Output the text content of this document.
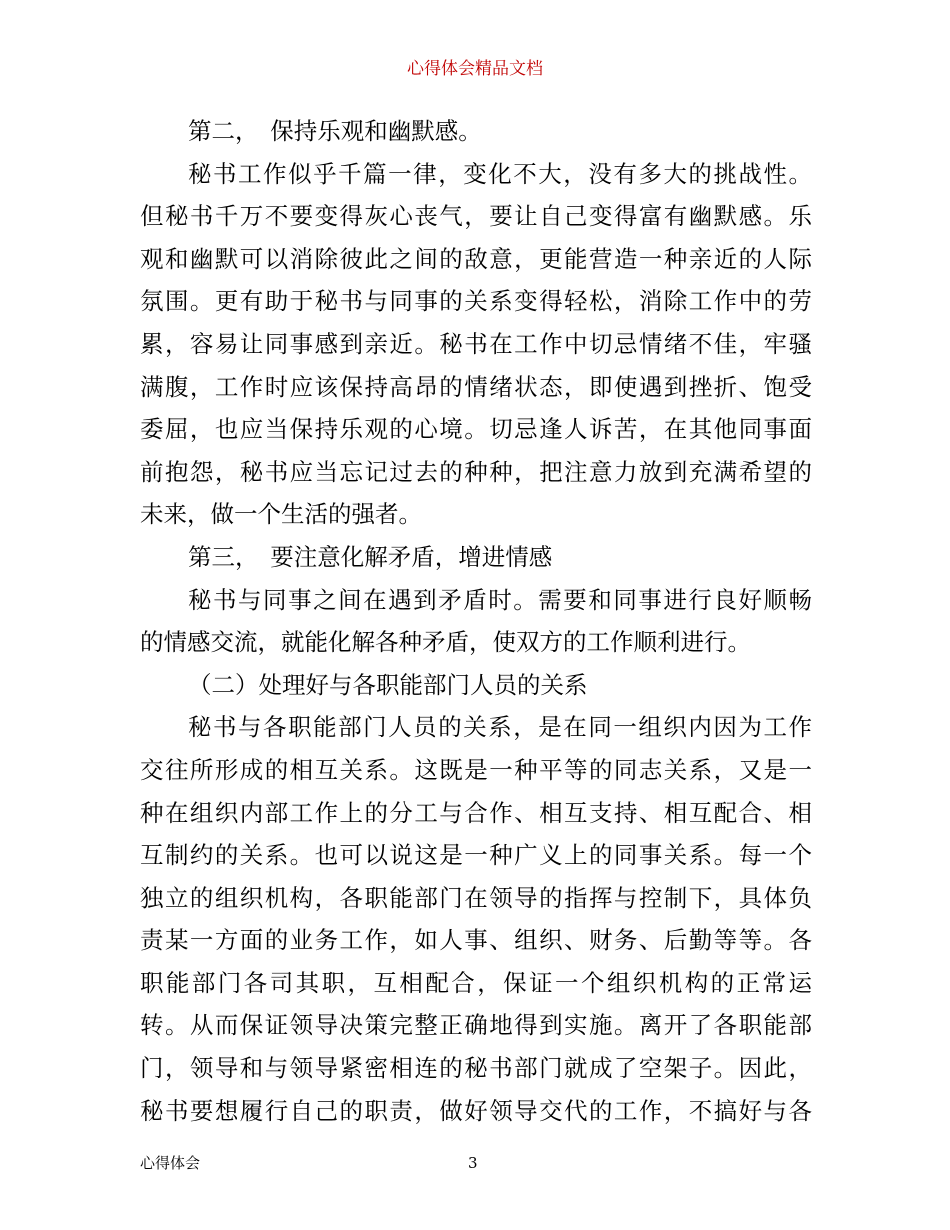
心得体会精品文档
第二，　保持乐观和幽默感。
秘书工作似乎千篇一律，变化不大，没有多大的挑战性。
但秘书千万不要变得灰心丧气，要让自己变得富有幽默感。乐
观和幽默可以消除彼此之间的敌意，更能营造一种亲近的人际
氛围。更有助于秘书与同事的关系变得轻松，消除工作中的劳
累，容易让同事感到亲近。秘书在工作中切忌情绪不佳，牢骚
满腹，工作时应该保持高昂的情绪状态，即使遇到挫折、饱受
委屈，也应当保持乐观的心境。切忌逢人诉苦，在其他同事面
前抱怨，秘书应当忘记过去的种种，把注意力放到充满希望的
未来，做一个生活的强者。
第三，　要注意化解矛盾，增进情感
秘书与同事之间在遇到矛盾时。需要和同事进行良好顺畅
的情感交流，就能化解各种矛盾，使双方的工作顺利进行。
（二）处理好与各职能部门人员的关系
秘书与各职能部门人员的关系，是在同一组织内因为工作
交往所形成的相互关系。这既是一种平等的同志关系，又是一
种在组织内部工作上的分工与合作、相互支持、相互配合、相
互制约的关系。也可以说这是一种广义上的同事关系。每一个
独立的组织机构，各职能部门在领导的指挥与控制下，具体负
责某一方面的业务工作，如人事、组织、财务、后勤等等。各
职能部门各司其职，互相配合，保证一个组织机构的正常运
转。从而保证领导决策完整正确地得到实施。离开了各职能部
门，领导和与领导紧密相连的秘书部门就成了空架子。因此，
秘书要想履行自己的职责，做好领导交代的工作，不搞好与各
心得体会	3
